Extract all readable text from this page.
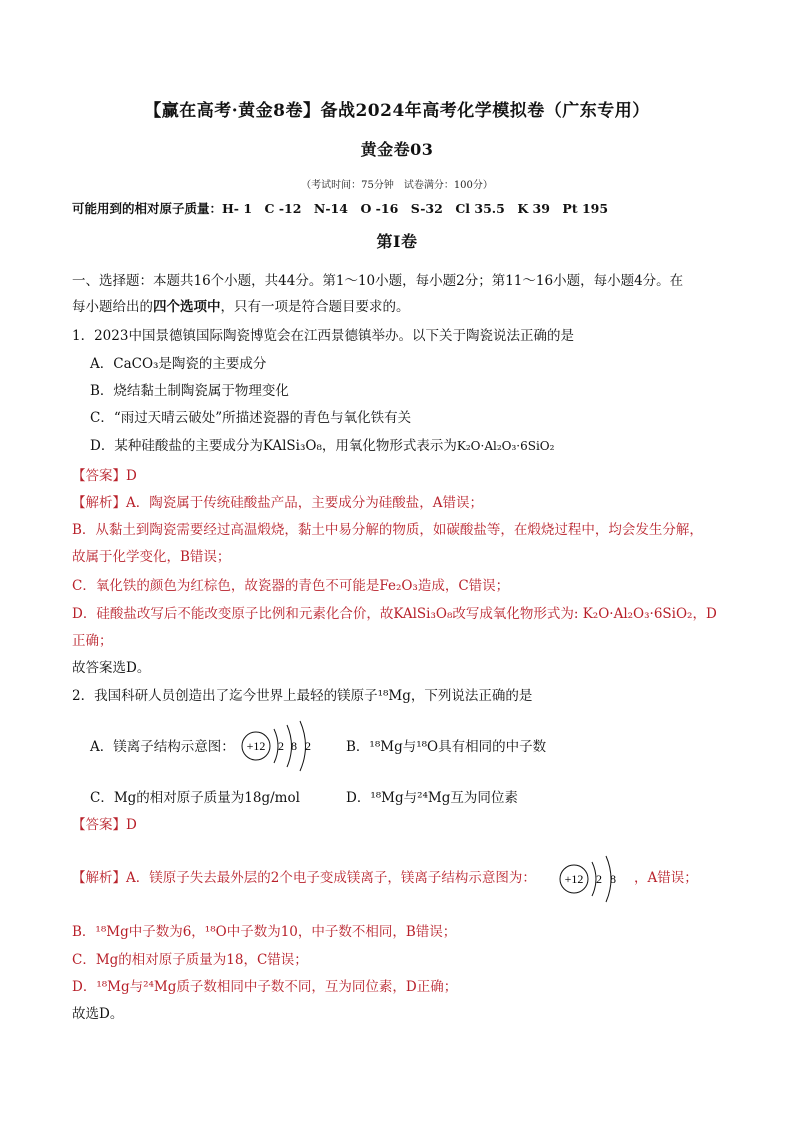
【赢在高考·黄金8卷】备战2024年高考化学模拟卷（广东专用）
黄金卷03
（考试时间：75分钟　试卷满分：100分）
可能用到的相对原子质量：H- 1　C -12　N-14　O -16　S-32　Cl 35.5　K 39　Pt 195
第Ⅰ卷
一、选择题：本题共16个小题，共44分。第1～10小题，每小题2分；第11～16小题，每小题4分。在
每小题给出的四个选项中，只有一项是符合题目要求的。
1．2023中国景德镇国际陶瓷博览会在江西景德镇举办。以下关于陶瓷说法正确的是
A．CaCO₃是陶瓷的主要成分
B．烧结黏土制陶瓷属于物理变化
C．“雨过天晴云破处”所描述瓷器的青色与氧化铁有关
D．某种硅酸盐的主要成分为KAlSi₃O₈，用氧化物形式表示为K₂O·Al₂O₃·6SiO₂
【答案】D
【解析】A．陶瓷属于传统硅酸盐产品，主要成分为硅酸盐，A错误；
B．从黏土到陶瓷需要经过高温煅烧，黏土中易分解的物质，如碳酸盐等，在煅烧过程中，均会发生分解，
故属于化学变化，B错误；
C．氧化铁的颜色为红棕色，故瓷器的青色不可能是Fe₂O₃造成，C错误；
D．硅酸盐改写后不能改变原子比例和元素化合价，故KAlSi₃O₈改写成氧化物形式为: K₂O·Al₂O₃·6SiO₂，D
正确；
故答案选D。
2．我国科研人员创造出了迄今世界上最轻的镁原子¹⁸Mg，下列说法正确的是
A．镁离子结构示意图： +12 2 8 2	B．¹⁸Mg与¹⁸O具有相同的中子数
C．Mg的相对原子质量为18g/mol	D．¹⁸Mg与²⁴Mg互为同位素
【答案】D
【解析】A．镁原子失去最外层的2个电子变成镁离子，镁离子结构示意图为： +12 2 8 ，A错误；
B．¹⁸Mg中子数为6，¹⁸O中子数为10，中子数不相同，B错误；
C．Mg的相对原子质量为18，C错误；
D．¹⁸Mg与²⁴Mg质子数相同中子数不同，互为同位素，D正确；
故选D。
